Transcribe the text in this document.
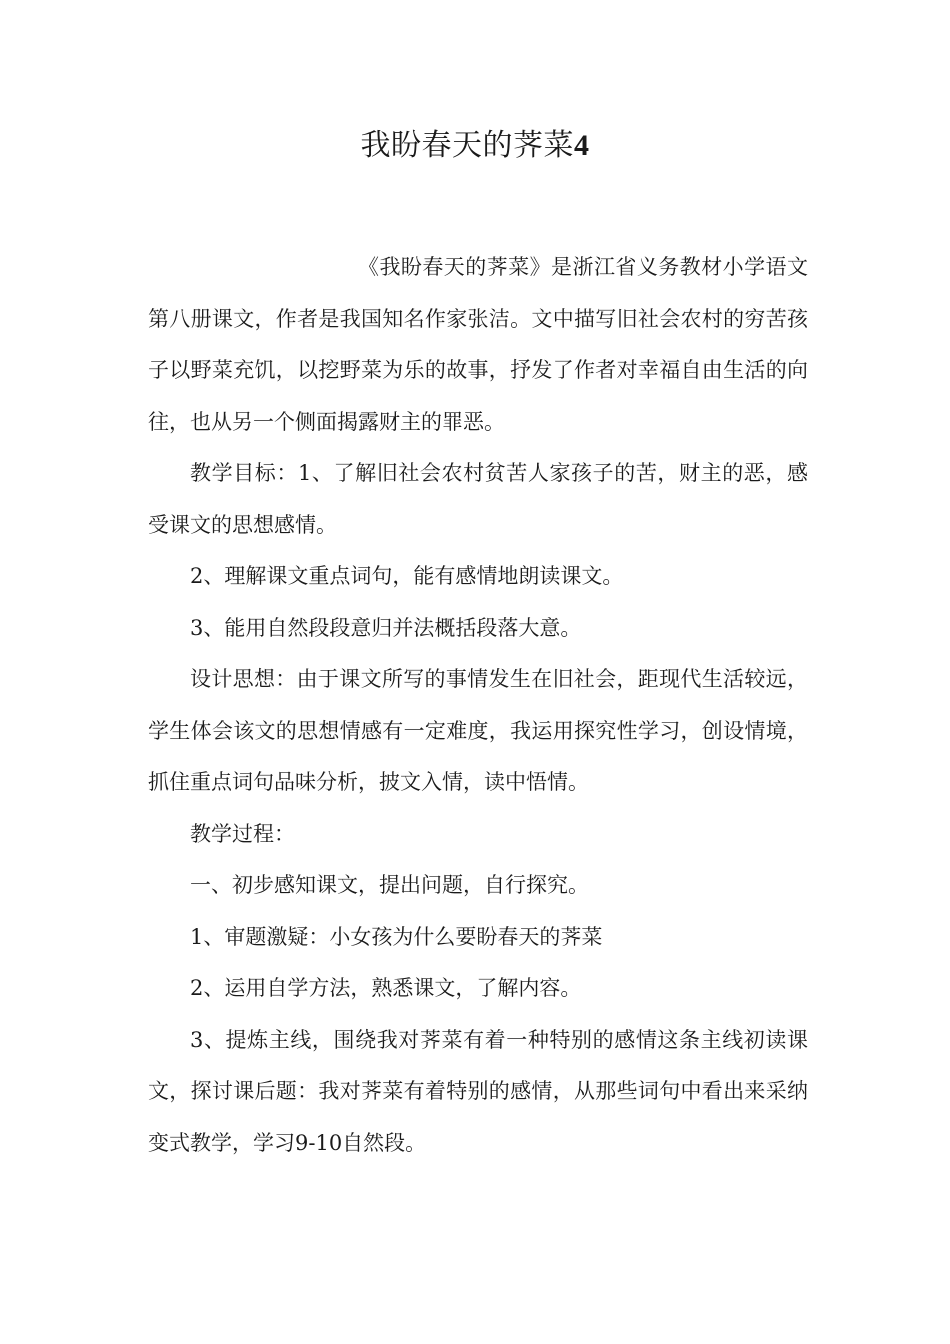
我盼春天的荠菜4

《我盼春天的荠菜》是浙江省义务教材小学语文第八册课文，作者是我国知名作家张洁。文中描写旧社会农村的穷苦孩子以野菜充饥，以挖野菜为乐的故事，抒发了作者对幸福自由生活的向往，也从另一个侧面揭露财主的罪恶。

教学目标：1、了解旧社会农村贫苦人家孩子的苦，财主的恶，感受课文的思想感情。

2、理解课文重点词句，能有感情地朗读课文。

3、能用自然段段意归并法概括段落大意。

设计思想：由于课文所写的事情发生在旧社会，距现代生活较远，学生体会该文的思想情感有一定难度，我运用探究性学习，创设情境，抓住重点词句品味分析，披文入情，读中悟情。

教学过程：

一、初步感知课文，提出问题，自行探究。

1、审题激疑：小女孩为什么要盼春天的荠菜

2、运用自学方法，熟悉课文，了解内容。

3、提炼主线，围绕我对荠菜有着一种特别的感情这条主线初读课文，探讨课后题：我对荠菜有着特别的感情，从那些词句中看出来采纳变式教学，学习9-10自然段。
